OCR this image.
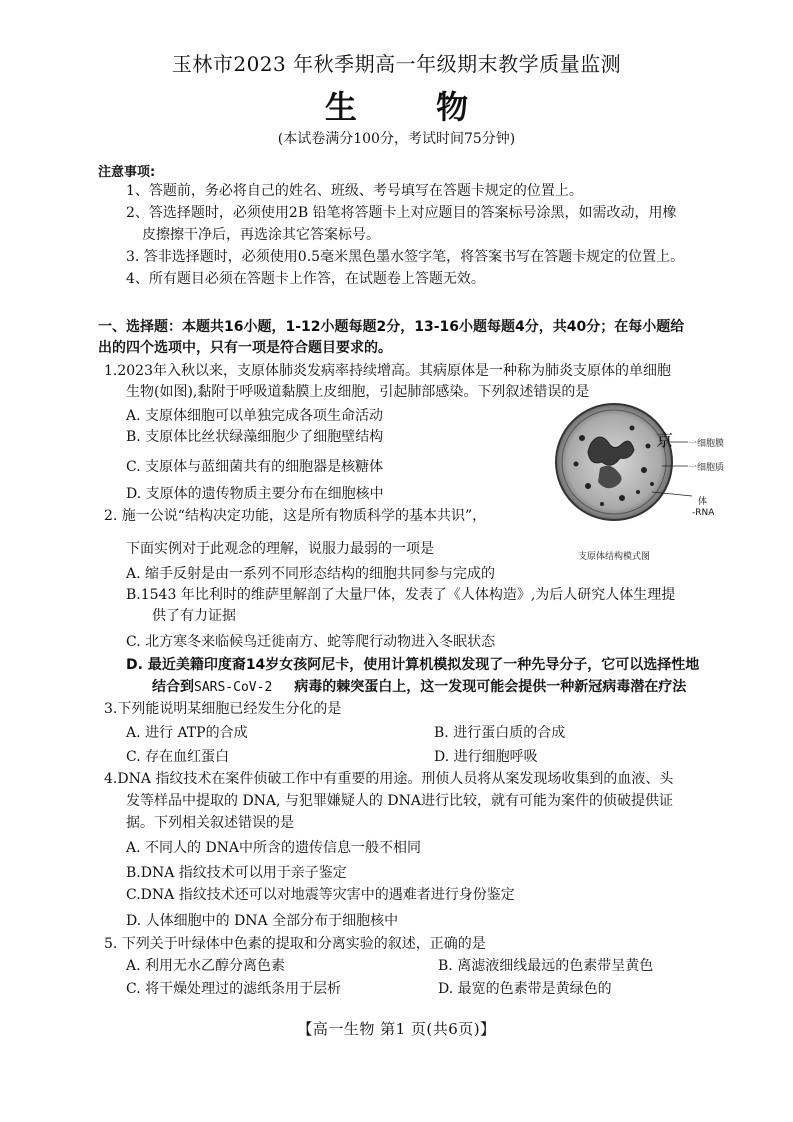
玉林市2023 年秋季期高一年级期末教学质量监测
生 物
(本试卷满分100分，考试时间75分钟)
注意事项:
1、答题前，务必将自己的姓名、班级、考号填写在答题卡规定的位置上。
2、答选择题时，必须使用2B 铅笔将答题卡上对应题目的答案标号涂黑，如需改动，用橡
皮擦擦干净后，再选涂其它答案标号。
3. 答非选择题时，必须使用0.5毫米黑色墨水签字笔，将答案书写在答题卡规定的位置上。
4、所有题目必须在答题卡上作答，在试题卷上答题无效。
一、选择题：本题共16小题，1-12小题每题2分，13-16小题每题4分，共40分；在每小题给
出的四个选项中，只有一项是符合题目要求的。
1.2023年入秋以来，支原体肺炎发病率持续增高。其病原体是一种称为肺炎支原体的单细胞
生物(如图),黏附于呼吸道黏膜上皮细胞，引起肺部感染。下列叙述错误的是
A. 支原体细胞可以单独完成各项生命活动
B. 支原体比丝状绿藻细胞少了细胞壁结构
C. 支原体与蓝细菌共有的细胞器是核糖体
D. 支原体的遗传物质主要分布在细胞核中
京 一细胞膜
一细胞质
体
-RNA
支原体结构模式图
2. 施一公说“结构决定功能，这是所有物质科学的基本共识”，
下面实例对于此观念的理解，说服力最弱的一项是
A. 缩手反射是由一系列不同形态结构的细胞共同参与完成的
B.1543 年比利时的维萨里解剖了大量尸体，发表了《人体构造》,为后人研究人体生理提
供了有力证据
C. 北方寒冬来临候鸟迁徙南方、蛇等爬行动物进入冬眠状态
D. 最近美籍印度裔14岁女孩阿尼卡，使用计算机模拟发现了一种先导分子，它可以选择性地
结合到SARS-CoV-2 病毒的棘突蛋白上，这一发现可能会提供一种新冠病毒潜在疗法
3.下列能说明某细胞已经发生分化的是
A. 进行 ATP的合成	B. 进行蛋白质的合成
C. 存在血红蛋白	D. 进行细胞呼吸
4.DNA 指纹技术在案件侦破工作中有重要的用途。刑侦人员将从案发现场收集到的血液、头
发等样品中提取的 DNA, 与犯罪嫌疑人的 DNA进行比较，就有可能为案件的侦破提供证
据。下列相关叙述错误的是
A. 不同人的 DNA中所含的遗传信息一般不相同
B.DNA 指纹技术可以用于亲子鉴定
C.DNA 指纹技术还可以对地震等灾害中的遇难者进行身份鉴定
D. 人体细胞中的 DNA 全部分布于细胞核中
5. 下列关于叶绿体中色素的提取和分离实验的叙述，正确的是
A. 利用无水乙醇分离色素	B. 离滤液细线最远的色素带呈黄色
C. 将干燥处理过的滤纸条用于层析	D. 最宽的色素带是黄绿色的
【高一生物 第1 页(共6页)】
